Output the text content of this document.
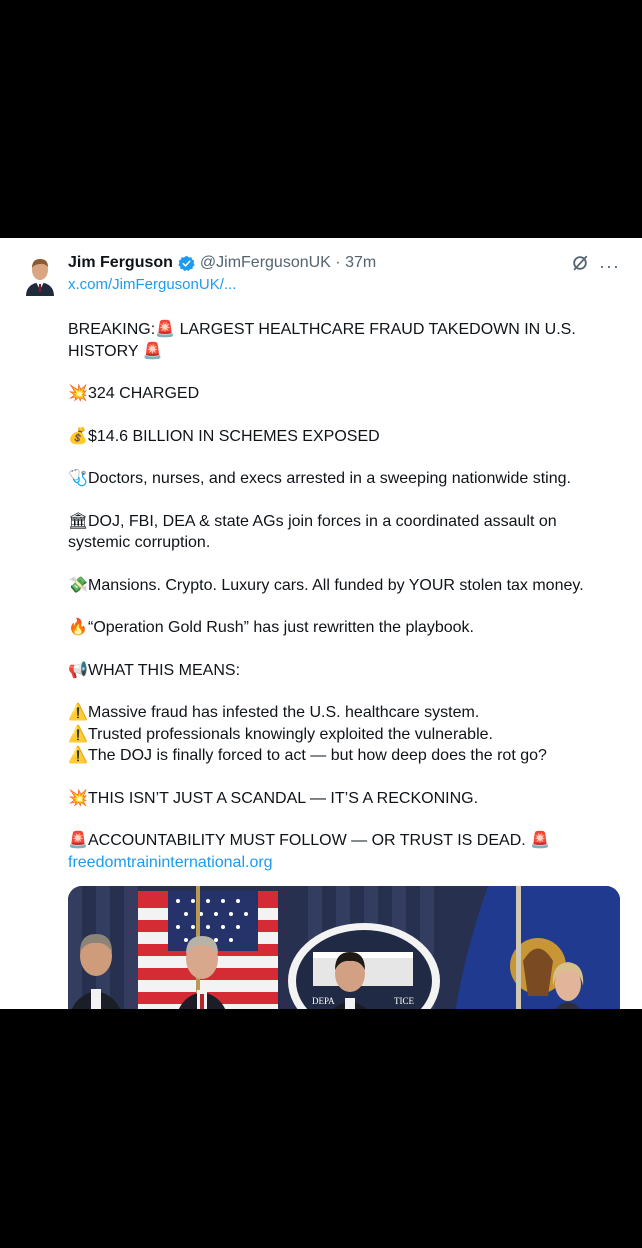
Jim Ferguson @JimFergusonUK · 37m
x.com/JimFergusonUK/...
···
BREAKING:🚨 LARGEST HEALTHCARE FRAUD TAKEDOWN IN U.S. HISTORY 🚨
💥324 CHARGED
💰$14.6 BILLION IN SCHEMES EXPOSED
🩺Doctors, nurses, and execs arrested in a sweeping nationwide sting.
🏛DOJ, FBI, DEA & state AGs join forces in a coordinated assault on systemic corruption.
💸Mansions. Crypto. Luxury cars. All funded by YOUR stolen tax money.
🔥“Operation Gold Rush” has just rewritten the playbook.
📢WHAT THIS MEANS:
⚠️Massive fraud has infested the U.S. healthcare system.
⚠️Trusted professionals knowingly exploited the vulnerable.
⚠️The DOJ is finally forced to act — but how deep does the rot go?
💥THIS ISN’T JUST A SCANDAL — IT’S A RECKONING.
🚨ACCOUNTABILITY MUST FOLLOW — OR TRUST IS DEAD. 🚨
freedomtraininternational.org
DEPA	TICE
